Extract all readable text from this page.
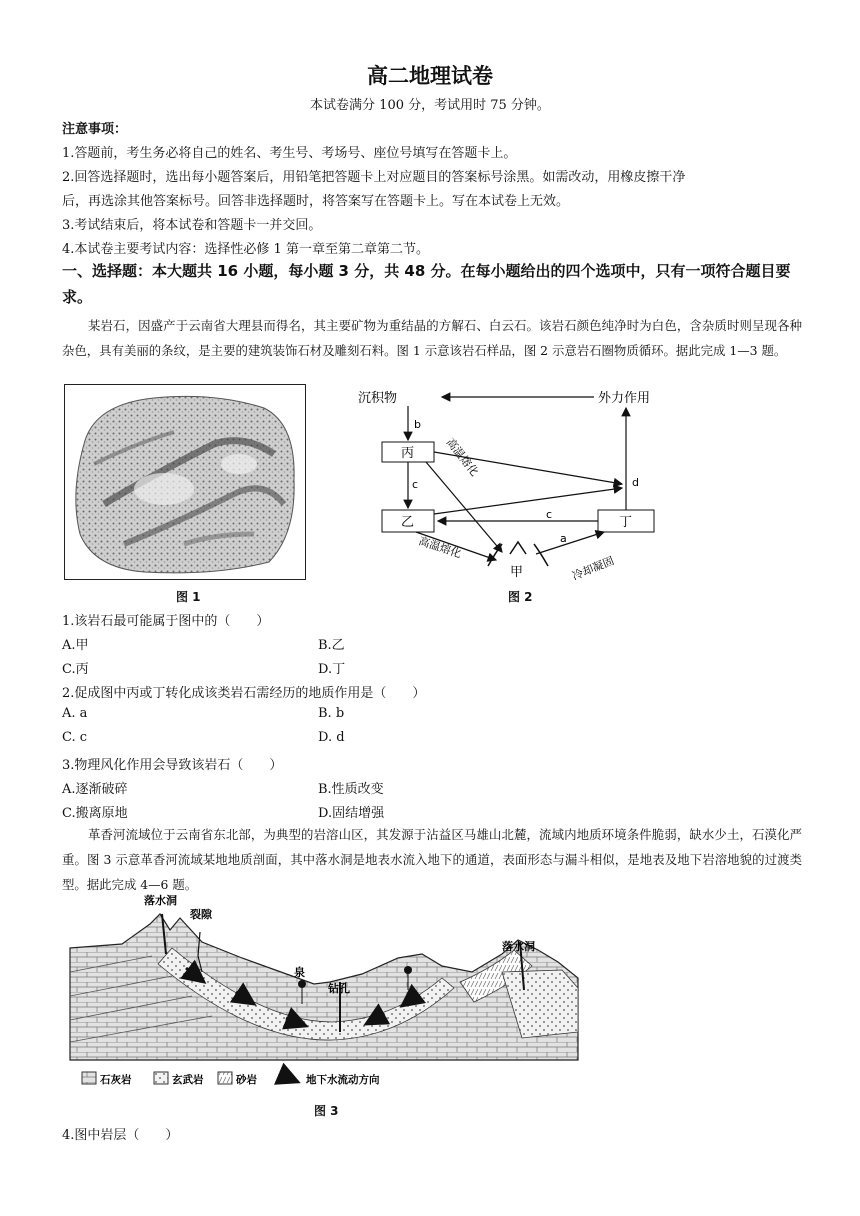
高二地理试卷
本试卷满分 100 分，考试用时 75 分钟。
注意事项：
1.答题前，考生务必将自己的姓名、考生号、考场号、座位号填写在答题卡上。
2.回答选择题时，选出每小题答案后，用铅笔把答题卡上对应题目的答案标号涂黑。如需改动，用橡皮擦干净
后，再选涂其他答案标号。回答非选择题时，将答案写在答题卡上。写在本试卷上无效。
3.考试结束后，将本试卷和答题卡一并交回。
4.本试卷主要考试内容：选择性必修 1 第一章至第二章第二节。
一、选择题：本大题共 16 小题，每小题 3 分，共 48 分。在每小题给出的四个选项中，只有一项符合题目要求。
某岩石，因盛产于云南省大理县而得名，其主要矿物为重结晶的方解石、白云石。该岩石颜色纯净时为白色，含杂质时则呈现各种杂色，具有美丽的条纹，是主要的建筑装饰石材及雕刻石料。图 1 示意该岩石样品，图 2 示意岩石圈物质循环。据此完成 1—3 题。
图 1
沉积物	外力作用
丙
乙	丁
甲
b
c	d
c
a
高温熔化
高温熔化
冷却凝固
图 2
1.该岩石最可能属于图中的（　　）
A.甲	B.乙
C.丙	D.丁
2.促成图中丙或丁转化成该类岩石需经历的地质作用是（　　）
A. a	B. b
C. c	D. d
3.物理风化作用会导致该岩石（　　）
A.逐渐破碎	B.性质改变
C.搬离原地	D.固结增强
革香河流域位于云南省东北部，为典型的岩溶山区，其发源于沾益区马雄山北麓，流域内地质环境条件脆弱，缺水少土，石漠化严重。图 3 示意革香河流域某地地质剖面，其中落水洞是地表水流入地下的通道，表面形态与漏斗相似，是地表及地下岩溶地貌的过渡类型。据此完成 4—6 题。
落水洞
裂隙
泉
钻孔
落水洞
石灰岩	玄武岩	砂岩	地下水流动方向
图 3
4.图中岩层（　　）
